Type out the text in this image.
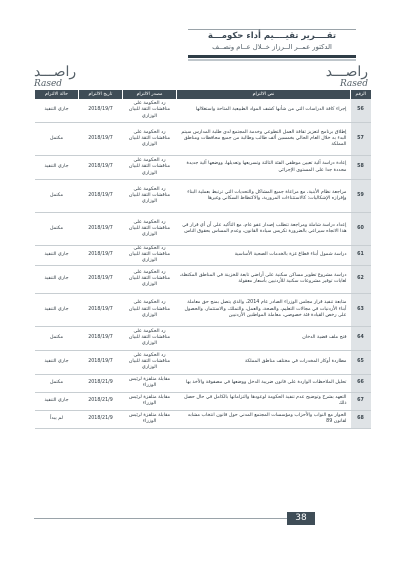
تقــــرير تقيــــيم أداء حكومـــة
الدكتور عمــر الــرزاز خــلال عــام ونصــف
راصـــد
Rased
راصـــد
Rased
حالة الالتزام	تاريخ الالتزام	مصدر الالتزام	نص الالتزام	الرقم
جاري التنفيذ	2018/19/7	رد الحكومة على مناقشات الثقة للبيان الوزاري	إجراء كافة الدراسات التي من شأنها كشف المواد الطبيعية المتاحة واستغلالها	56
مكتمل	2018/19/7	رد الحكومة على مناقشات الثقة للبيان الوزاري	إطلاق برنامج لتعزيز ثقافة العمل التطوعي وخدمة المجتمع لدى طلبة المدارس سيتم البدء به خلال العام الحالي بخمسين ألف طالب وطالبة من جميع محافظات ومناطق المملكة	57
جاري التنفيذ	2018/19/7	رد الحكومة على مناقشات الثقة للبيان الوزاري	إعادة دراسة آلية تعيين موظفي الفئة الثالثة وتسريعها وتعديلها، ووضعها آلية جديدة محددة جدا على المستوى الإجرائي	58
مكتمل	2018/19/7	رد الحكومة على مناقشات الثقة للبيان الوزاري	مراجعة نظام الأبنية، مع مراعاة جميع المشاكل والتحديات التي ترتبط بعملية البناء وإفرازه الإشكاليات: كالاستثناءات المرورية، والاكتظاظ السكاني وغيرها	59
مكتمل	2018/19/7	رد الحكومة على مناقشات الثقة للبيان الوزاري	إعداد دراسة شاملة ومراجعة تتطلب إصدار عفو عام، مع التأكيد على أن أي قرار في هذا الاتجاه سيراعي بالضرورة تكريس سيادة القانون، وعدم المساس بحقوق الناس	60
جاري التنفيذ	2018/19/7	رد الحكومة على مناقشات الثقة للبيان الوزاري	دراسة شمول أبناء قطاع غزة بالخدمات الصحية الأساسية	61
جاري التنفيذ	2018/19/7	رد الحكومة على مناقشات الثقة للبيان الوزاري	دراسة مشروع تطوير مساكن سكنية على أراضي تابعة للخزينة في المناطق المكتظة، لغايات توفير مشروعات سكنية للأردنيين بأسعار معقولة	62
جاري التنفيذ	2018/19/7	رد الحكومة على مناقشات الثقة للبيان الوزاري	متابعة تنفيذ قرار مجلس الوزراء الصادر عام 2014، والذي يتصل بمنح حق معاملة أبناء الأردنيات في مجالات التعليم، والصحة، والعمل، والتملك، والاستثمار، والحصول على رخص القيادة فئة خصوصي، معاملة المواطنين الأردنيين	63
مكتمل	2018/19/7	رد الحكومة على مناقشات الثقة للبيان الوزاري	فتح ملف قضية الدخان	64
جاري التنفيذ	2018/19/7	رد الحكومة على مناقشات الثقة للبيان الوزاري	مطاردة أوكار المخدرات في مختلف مناطق المملكة	65
مكتمل	2018/21/9	مقابلة متلفزة لرئيس الوزراء	تحليل الملاحظات الواردة على قانون ضريبة الدخل ووضعها في مصفوفة والأخذ بها	66
جاري التنفيذ	2018/21/9	مقابلة متلفزة لرئيس الوزراء	التعهد بشرح وتوضيح عدم تنفيذ الحكومة لوعودها والتزاماتها بالكامل في حال حصل ذلك	67
لم يبدأ	2018/21/9	مقابلة متلفزة لرئيس الوزراء	الحوار مع النواب والأحزاب ومؤسسات المجتمع المدني حول قانون انتخاب مشابه لقانون 89	68
38
